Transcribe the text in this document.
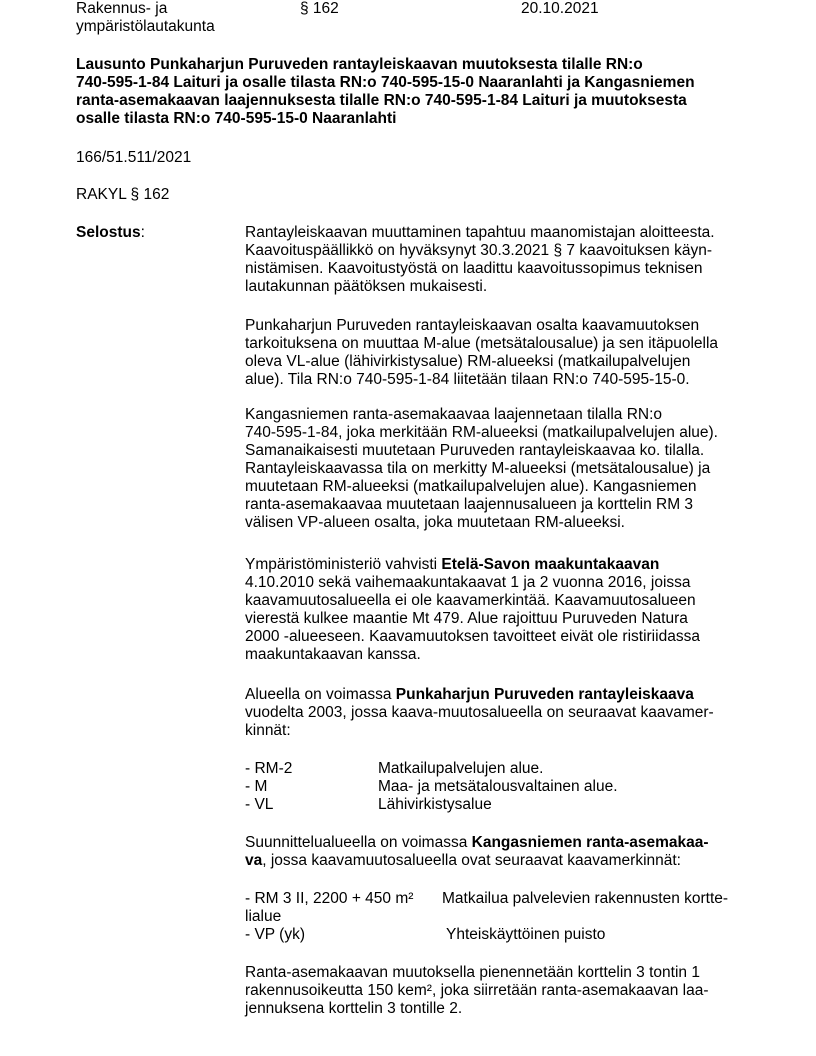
Rakennus- ja
ympäristölautakunta
§ 162	20.10.2021
Lausunto Punkaharjun Puruveden rantayleiskaavan muutoksesta tilalle RN:o
740-595-1-84 Laituri ja osalle tilasta RN:o 740-595-15-0 Naaranlahti ja Kangasniemen
ranta-asemakaavan laajennuksesta tilalle RN:o 740-595-1-84 Laituri ja muutoksesta
osalle tilasta RN:o 740-595-15-0 Naaranlahti
166/51.511/2021
RAKYL § 162
Selostus:	Rantayleiskaavan muuttaminen tapahtuu maanomistajan aloitteesta.
Kaavoituspäällikkö on hyväksynyt 30.3.2021 § 7 kaavoituksen käyn-
nistämisen. Kaavoitustyöstä on laadittu kaavoitussopimus teknisen
lautakunnan päätöksen mukaisesti.
Punkaharjun Puruveden rantayleiskaavan osalta kaavamuutoksen
tarkoituksena on muuttaa M-alue (metsätalousalue) ja sen itäpuolella
oleva VL-alue (lähivirkistysalue) RM-alueeksi (matkailupalvelujen
alue). Tila RN:o 740-595-1-84 liitetään tilaan RN:o 740-595-15-0.
Kangasniemen ranta-asemakaavaa laajennetaan tilalla RN:o
740-595-1-84, joka merkitään RM-alueeksi (matkailupalvelujen alue).
Samanaikaisesti muutetaan Puruveden rantayleiskaavaa ko. tilalla.
Rantayleiskaavassa tila on merkitty M-alueeksi (metsätalousalue) ja
muutetaan RM-alueeksi (matkailupalvelujen alue). Kangasniemen
ranta-asemakaavaa muutetaan laajennusalueen ja korttelin RM 3
välisen VP-alueen osalta, joka muutetaan RM-alueeksi.
Ympäristöministeriö vahvisti Etelä-Savon maakuntakaavan
4.10.2010 sekä vaihemaakuntakaavat 1 ja 2 vuonna 2016, joissa
kaavamuutosalueella ei ole kaavamerkintää. Kaavamuutosalueen
vierestä kulkee maantie Mt 479. Alue rajoittuu Puruveden Natura
2000 -alueeseen. Kaavamuutoksen tavoitteet eivät ole ristiriidassa
maakuntakaavan kanssa.
Alueella on voimassa Punkaharjun Puruveden rantayleiskaava
vuodelta 2003, jossa kaava-muutosalueella on seuraavat kaavamer-
kinnät:
- RM-2	Matkailupalvelujen alue.
- M	Maa- ja metsätalousvaltainen alue.
- VL	Lähivirkistysalue
Suunnittelualueella on voimassa Kangasniemen ranta-asemakaa-
va, jossa kaavamuutosalueella ovat seuraavat kaavamerkinnät:
- RM 3 II, 2200 + 450 m² Matkailua palvelevien rakennusten kortte-
lialue
- VP (yk)	Yhteiskäyttöinen puisto
Ranta-asemakaavan muutoksella pienennetään korttelin 3 tontin 1
rakennusoikeutta 150 kem², joka siirretään ranta-asemakaavan laa-
jennuksena korttelin 3 tontille 2.
